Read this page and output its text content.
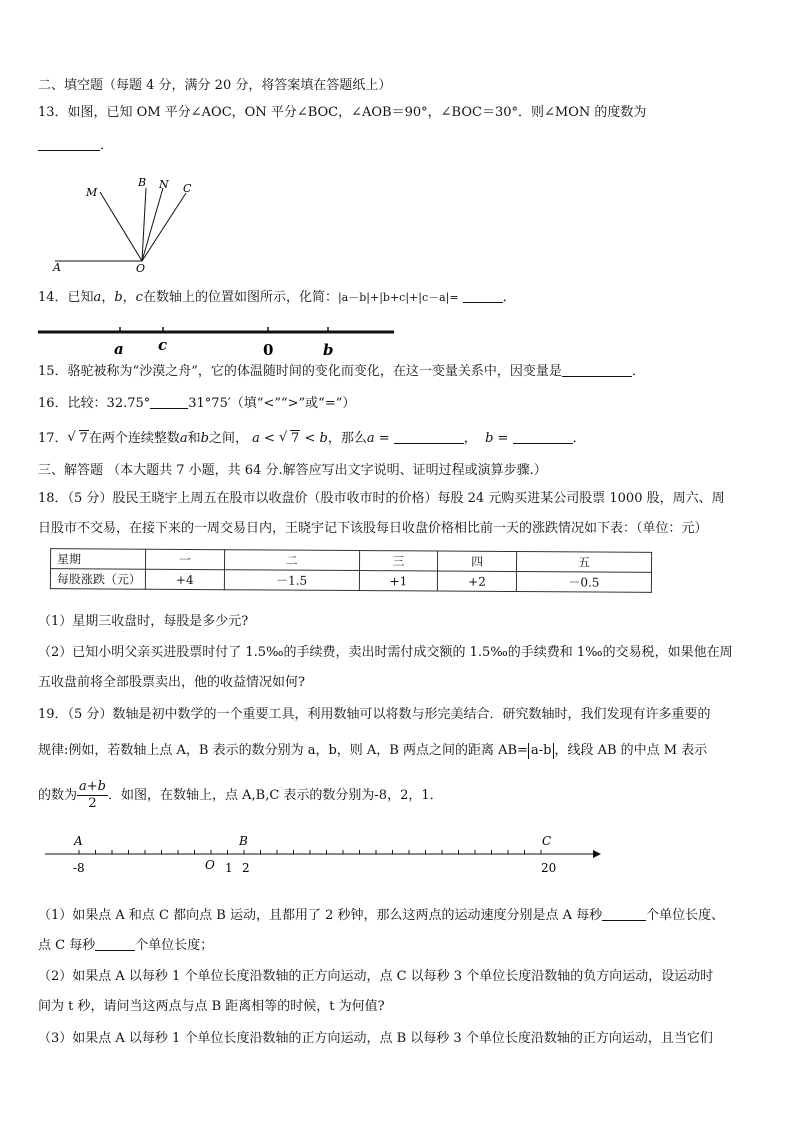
二、填空题（每题 4 分，满分 20 分，将答案填在答题纸上）
13．如图，已知 OM 平分∠AOC，ON 平分∠BOC，∠AOB＝90°，∠BOC＝30°．则∠MON 的度数为
．
A	O
M
B N C
14．已知a，b，c在数轴上的位置如图所示，化简：|a－b|+|b+c|+|c－a|=	．
a c	0	b
15．骆驼被称为“沙漠之舟”，它的体温随时间的变化而变化，在这一变量关系中，因变量是	．
16．比较：32.75°	31°75′（填“<”“>”或“=”）
17． √ 7在两个连续整数a和b之间， a < √ 7 < b，那么a =	， b =	．
三、解答题 （本大题共 7 小题，共 64 分.解答应写出文字说明、证明过程或演算步骤.）
18．（5 分）股民王晓宇上周五在股市以收盘价（股市收市时的价格）每股 24 元购买进某公司股票 1000 股，周六、周
日股市不交易，在接下来的一周交易日内，王晓宇记下该股每日收盘价格相比前一天的涨跌情况如下表：（单位：元）
星期	一	二	三	四	五
每股涨跌（元）	+4	－1.5	+1	+2	－0.5
（1）星期三收盘时，每股是多少元?
（2）已知小明父亲买进股票时付了 1.5‰的手续费，卖出时需付成交额的 1.5‰的手续费和 1‰的交易税，如果他在周
五收盘前将全部股票卖出，他的收益情况如何?
19．（5 分）数轴是初中数学的一个重要工具，利用数轴可以将数与形完美结合．研究数轴时，我们发现有许多重要的
规律:例如，若数轴上点 A，B 表示的数分别为 a，b，则 A，B 两点之间的距离 AB= a-b ，线段 AB 的中点 M 表示
的数为 $\frac{a+b}{2}$ ．如图，在数轴上，点 A,B,C 表示的数分别为-8，2，1．
A	B	C
-8	O 1 2	20
（1）如果点 A 和点 C 都向点 B 运动，且都用了 2 秒钟，那么这两点的运动速度分别是点 A 每秒	个单位长度、
点 C 每秒	个单位长度；
（2）如果点 A 以每秒 1 个单位长度沿数轴的正方向运动，点 C 以每秒 3 个单位长度沿数轴的负方向运动，设运动时
间为 t 秒，请问当这两点与点 B 距离相等的时候，t 为何值?
（3）如果点 A 以每秒 1 个单位长度沿数轴的正方向运动，点 B 以每秒 3 个单位长度沿数轴的正方向运动，且当它们
